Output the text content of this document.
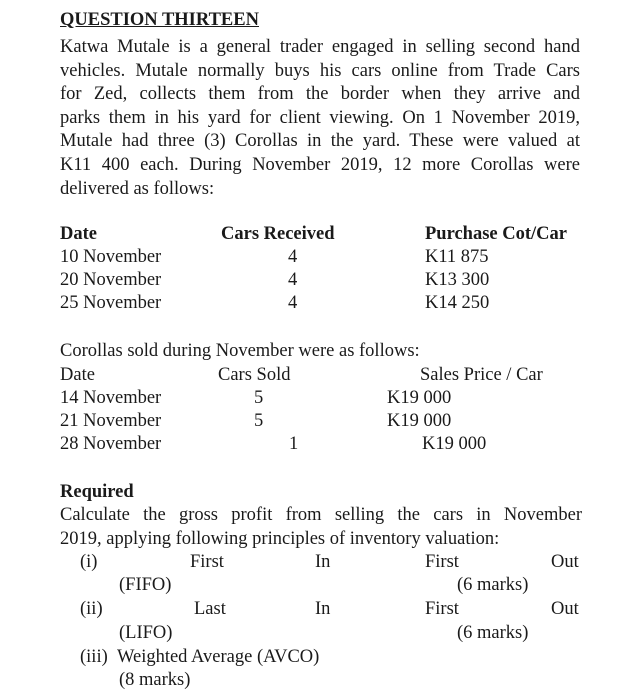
QUESTION THIRTEEN
Katwa Mutale is a general trader engaged in selling second hand
vehicles. Mutale normally buys his cars online from Trade Cars
for Zed, collects them from the border when they arrive and
parks them in his yard for client viewing. On 1 November 2019,
Mutale had three (3) Corollas in the yard. These were valued at
K11 400 each. During November 2019, 12 more Corollas were
delivered as follows:
Date	Cars Received	Purchase Cot/Car
10 November	4	K11 875
20 November	4	K13 300
25 November	4	K14 250
Corollas sold during November were as follows:
Date	Cars Sold	Sales Price / Car
14 November	5	K19 000
21 November	5	K19 000
28 November	1	K19 000
Required
Calculate the gross profit from selling the cars in November
2019, applying following principles of inventory valuation:
(i)	First	In	First	Out
(FIFO)	(6 marks)
(ii)	Last	In	First	Out
(LIFO)	(6 marks)
(iii) Weighted Average (AVCO)
(8 marks)
